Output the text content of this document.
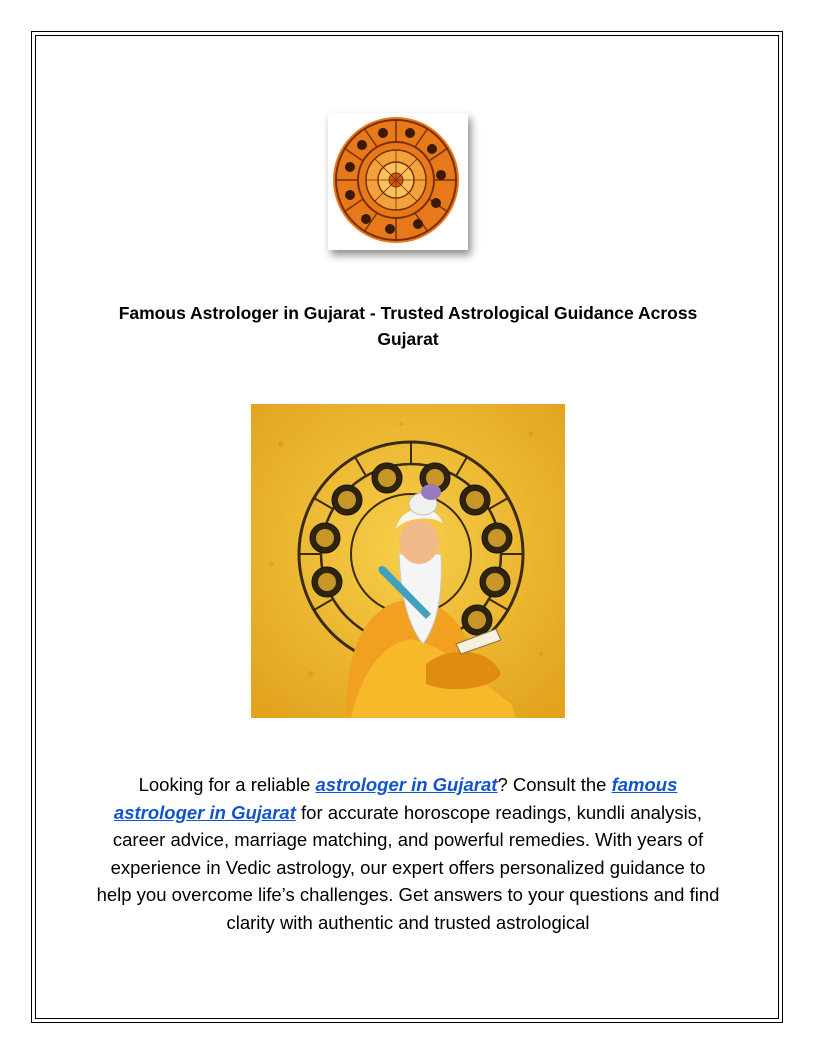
Famous Astrologer in Gujarat - Trusted Astrological Guidance Across Gujarat
Looking for a reliable astrologer in Gujarat? Consult the famous astrologer in Gujarat for accurate horoscope readings, kundli analysis, career advice, marriage matching, and powerful remedies. With years of experience in Vedic astrology, our expert offers personalized guidance to help you overcome life’s challenges. Get answers to your questions and find clarity with authentic and trusted astrological
